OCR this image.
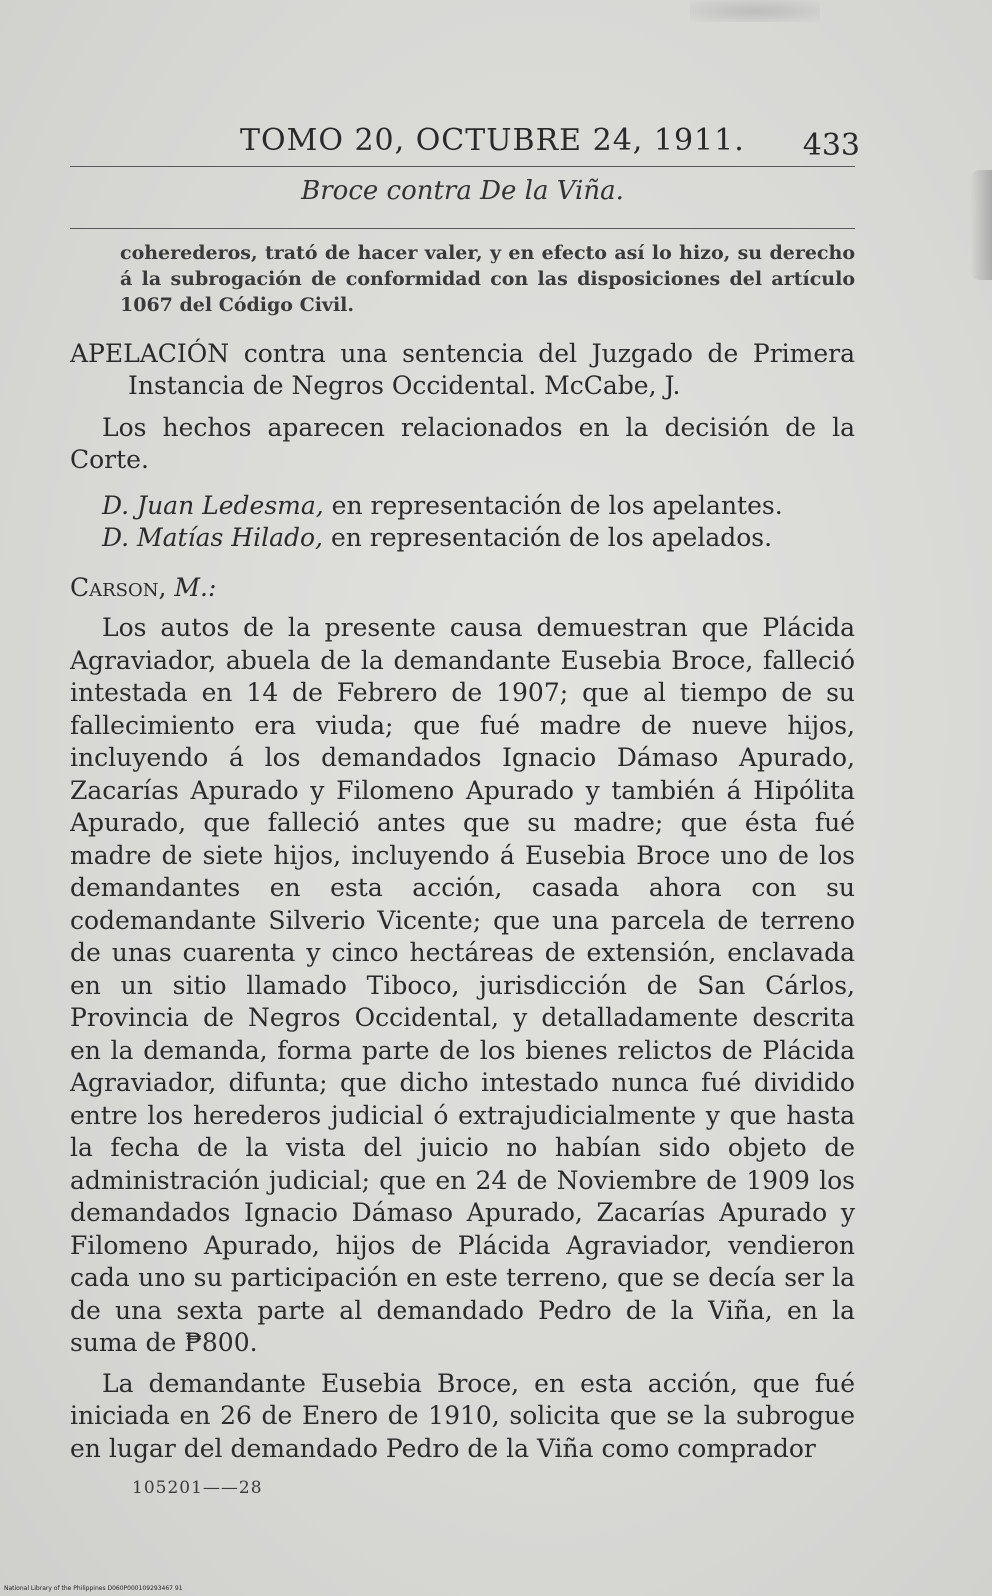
TOMO 20, OCTUBRE 24, 1911. 433
Broce contra De la Viña.

coherederos, trató de hacer valer, y en efecto así lo hizo, su derecho á la subrogación de conformidad con las disposiciones del artículo 1067 del Código Civil.

APELACIÓN contra una sentencia del Juzgado de Primera Instancia de Negros Occidental. McCabe, J.

Los hechos aparecen relacionados en la decisión de la Corte.

D. Juan Ledesma, en representación de los apelantes.

D. Matías Hilado, en representación de los apelados.

Carson, M.:

Los autos de la presente causa demuestran que Plácida Agraviador, abuela de la demandante Eusebia Broce, falleció intestada en 14 de Febrero de 1907; que al tiempo de su fallecimiento era viuda; que fué madre de nueve hijos, incluyendo á los demandados Ignacio Dámaso Apurado, Zacarías Apurado y Filomeno Apurado y también á Hipólita Apurado, que falleció antes que su madre; que ésta fué madre de siete hijos, incluyendo á Eusebia Broce uno de los demandantes en esta acción, casada ahora con su codemandante Silverio Vicente; que una parcela de terreno de unas cuarenta y cinco hectáreas de extensión, enclavada en un sitio llamado Tiboco, jurisdicción de San Cárlos, Provincia de Negros Occidental, y detalladamente descrita en la demanda, forma parte de los bienes relictos de Plácida Agraviador, difunta; que dicho intestado nunca fué dividido entre los herederos judicial ó extrajudicialmente y que hasta la fecha de la vista del juicio no habían sido objeto de administración judicial; que en 24 de Noviembre de 1909 los demandados Ignacio Dámaso Apurado, Zacarías Apurado y Filomeno Apurado, hijos de Plácida Agraviador, vendieron cada uno su participación en este terreno, que se decía ser la de una sexta parte al demandado Pedro de la Viña, en la suma de ₱800.

La demandante Eusebia Broce, en esta acción, que fué iniciada en 26 de Enero de 1910, solicita que se la subrogue en lugar del demandado Pedro de la Viña como comprador

105201——28
National Library of the Philippines D060P000109293467 91
